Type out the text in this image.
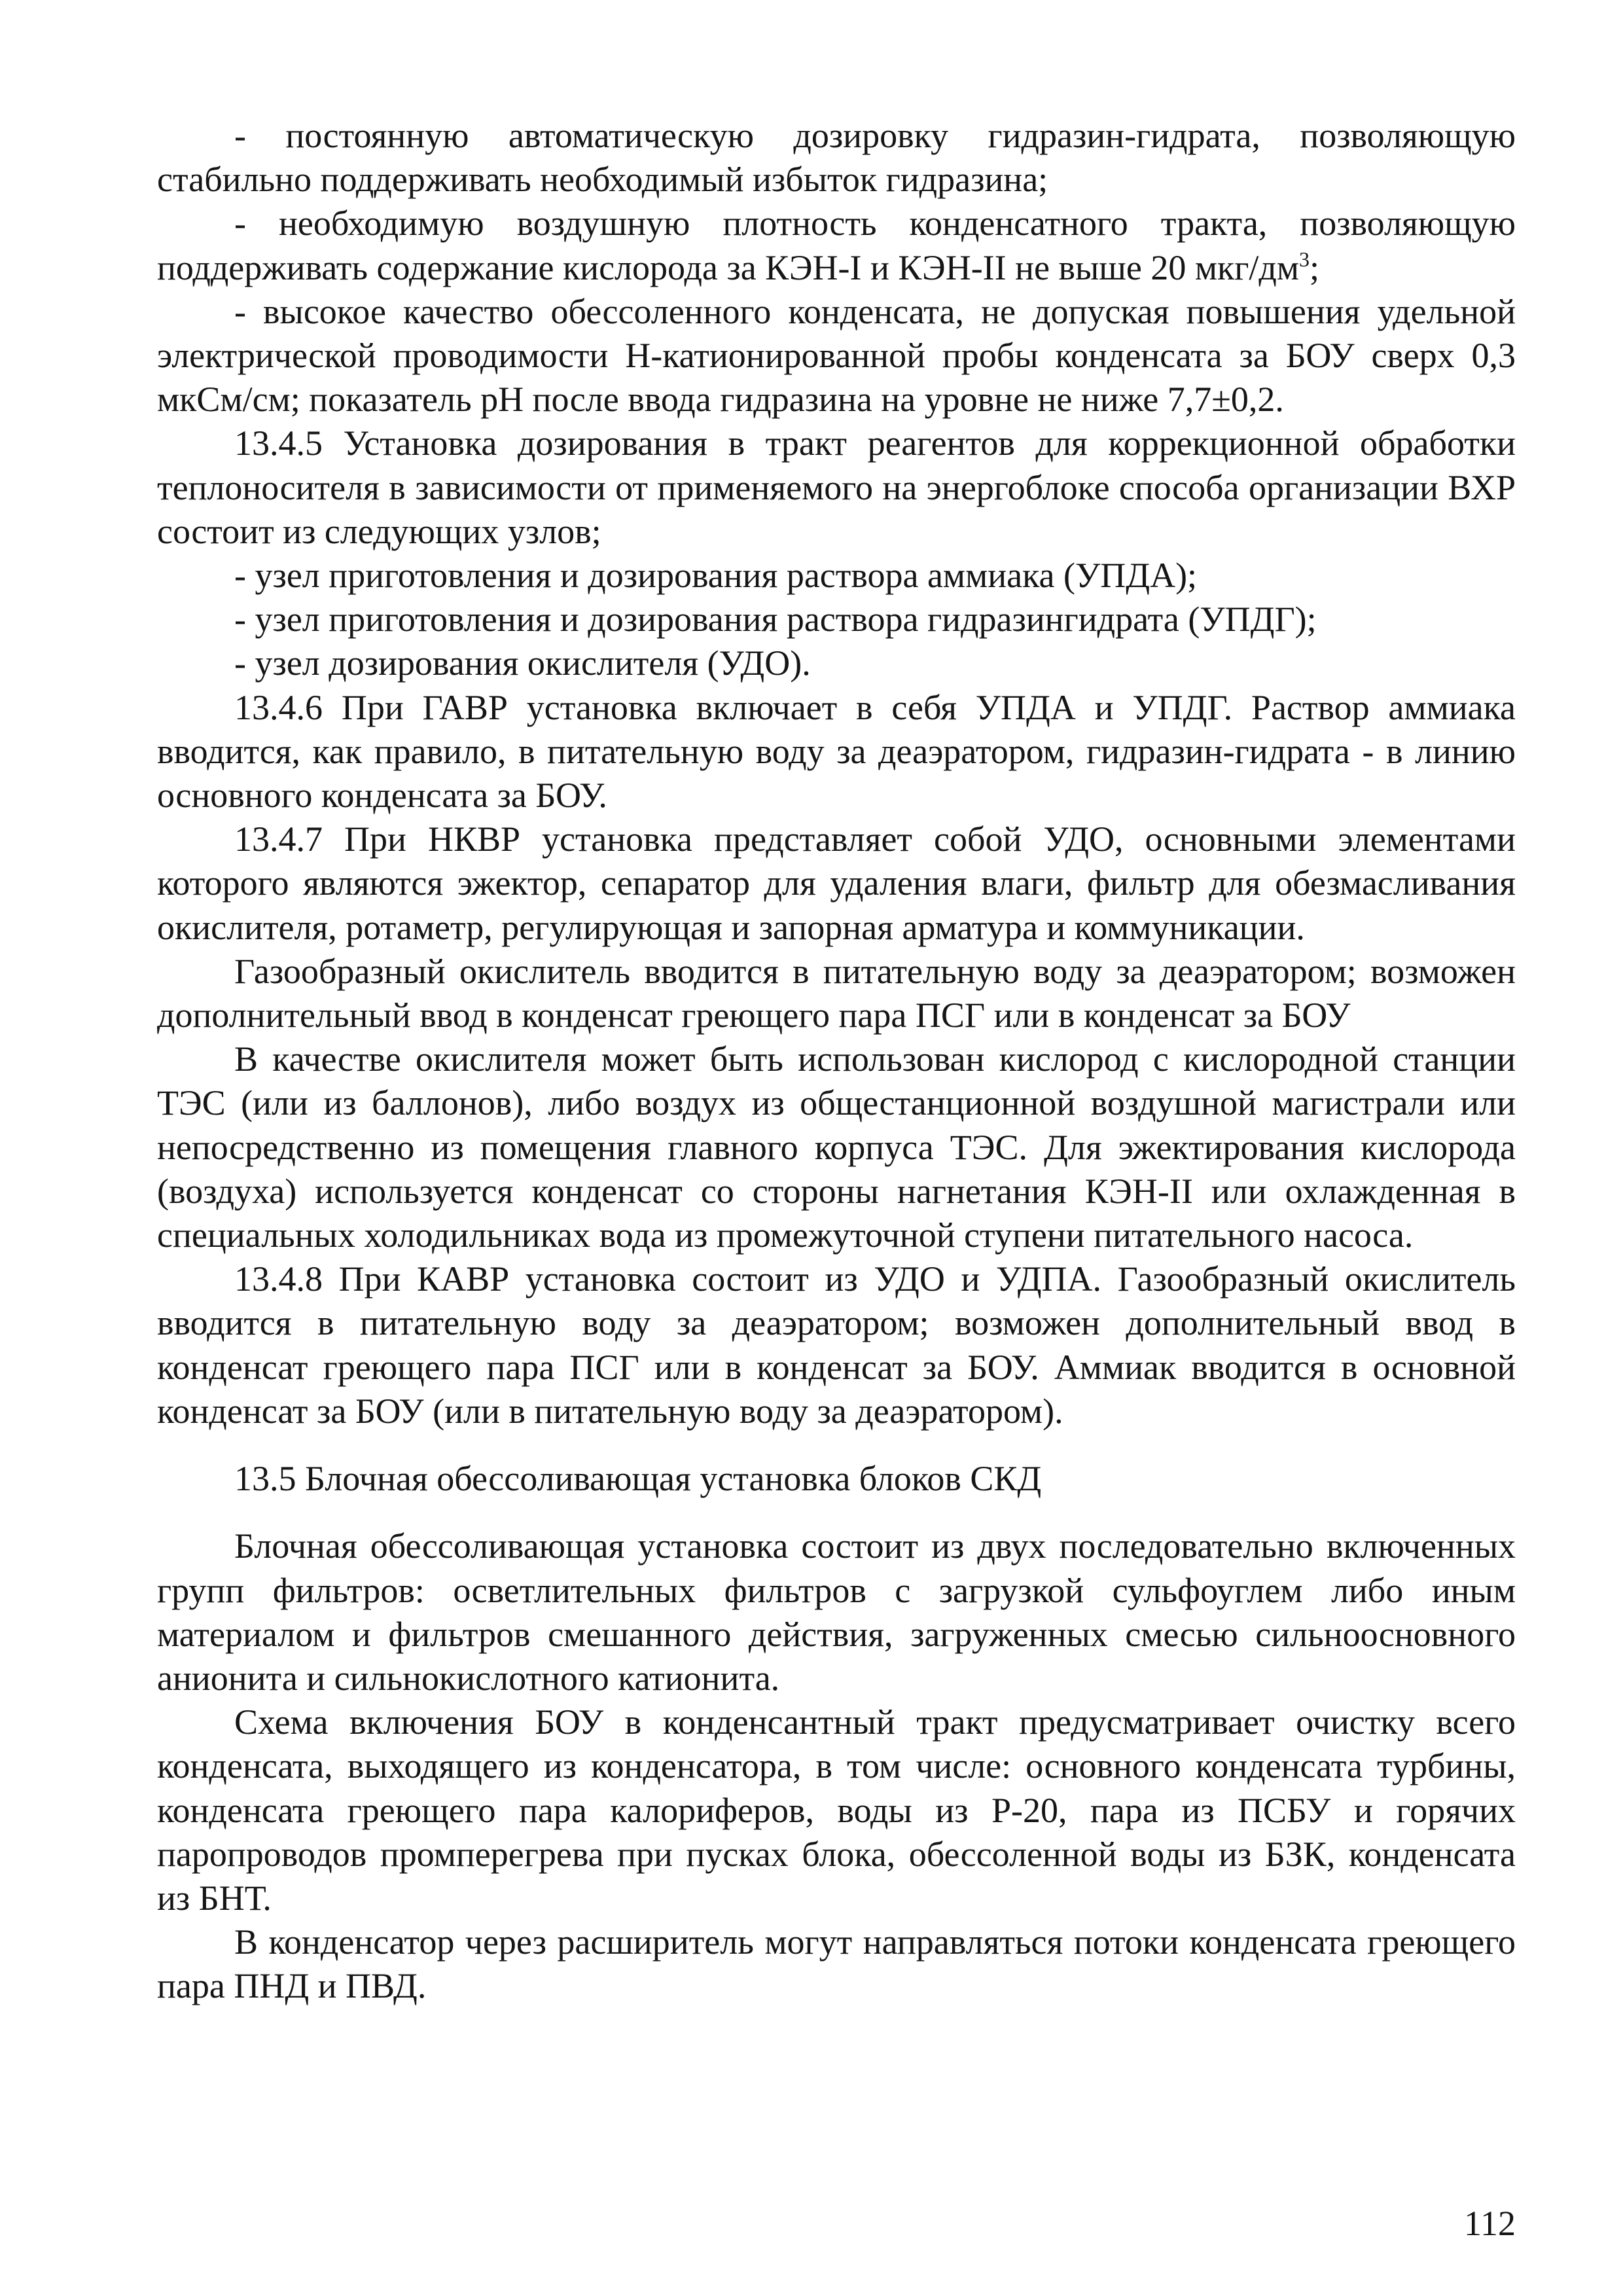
- постоянную автоматическую дозировку гидразин-гидрата, позволяющую стабильно поддерживать необходимый избыток гидразина;

- необходимую воздушную плотность конденсатного тракта, позволяющую поддерживать содержание кислорода за КЭН-I и КЭН-II не выше 20 мкг/$дм^3$;

- высокое качество обессоленного конденсата, не допуская повышения удельной электрической проводимости Н-катионированной пробы конденсата за БОУ сверх 0,3 мкСм/см; показатель рН после ввода гидразина на уровне не ниже 7,7±0,2.

13.4.5 Установка дозирования в тракт реагентов для коррекционной обработки теплоносителя в зависимости от применяемого на энергоблоке способа организации ВХР состоит из следующих узлов;

- узел приготовления и дозирования раствора аммиака (УПДА);

- узел приготовления и дозирования раствора гидразингидрата (УПДГ);

- узел дозирования окислителя (УДО).

13.4.6 При ГАВР установка включает в себя УПДА и УПДГ. Раствор аммиака вводится, как правило, в питательную воду за деаэратором, гидразин-гидрата - в линию основного конденсата за БОУ.

13.4.7 При НКВР установка представляет собой УДО, основными элементами которого являются эжектор, сепаратор для удаления влаги, фильтр для обезмасливания окислителя, ротаметр, регулирующая и запорная арматура и коммуникации.

Газообразный окислитель вводится в питательную воду за деаэратором; возможен дополнительный ввод в конденсат греющего пара ПСГ или в конденсат за БОУ

В качестве окислителя может быть использован кислород с кислородной станции ТЭС (или из баллонов), либо воздух из общестанционной воздушной магистрали или непосредственно из помещения главного корпуса ТЭС. Для эжектирования кислорода (воздуха) используется конденсат со стороны нагнетания КЭН-II или охлажденная в специальных холодильниках вода из промежуточной ступени питательного насоса.

13.4.8 При КАВР установка состоит из УДО и УДПА. Газообразный окислитель вводится в питательную воду за деаэратором; возможен дополнительный ввод в конденсат греющего пара ПСГ или в конденсат за БОУ. Аммиак вводится в основной конденсат за БОУ (или в питательную воду за деаэратором).

13.5 Блочная обессоливающая установка блоков СКД

Блочная обессоливающая установка состоит из двух последовательно включенных групп фильтров: осветлительных фильтров с загрузкой сульфоуглем либо иным материалом и фильтров смешанного действия, загруженных смесью сильноосновного анионита и сильнокислотного катионита.

Схема включения БОУ в конденсантный тракт предусматривает очистку всего конденсата, выходящего из конденсатора, в том числе: основного конденсата турбины, конденсата греющего пара калориферов, воды из Р-20, пара из ПСБУ и горячих паропроводов промперегрева при пусках блока, обессоленной воды из БЗК, конденсата из БНТ.

В конденсатор через расширитель могут направляться потоки конденсата греющего пара ПНД и ПВД.

112
